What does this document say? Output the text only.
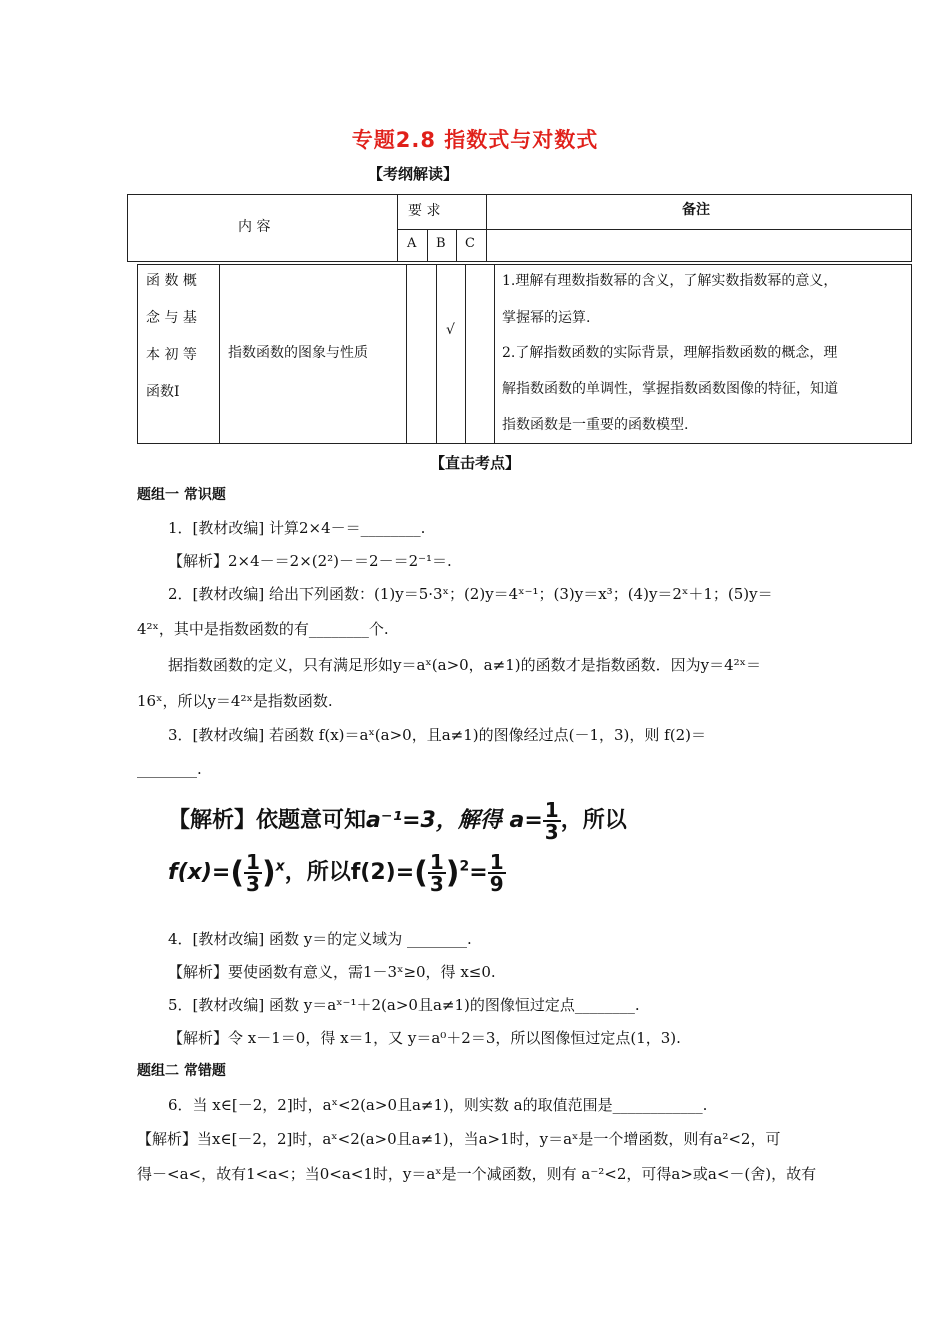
专题2.8 指数式与对数式
【考纲解读】
内 容
要 求	备注
A B C
函 数 概
念 与 基
本 初 等
函数Ⅰ
指数函数的图象与性质
√
1.理解有理数指数幂的含义，了解实数指数幂的意义，
掌握幂的运算.
2.了解指数函数的实际背景，理解指数函数的概念，理
解指数函数的单调性，掌握指数函数图像的特征，知道
指数函数是一重要的函数模型.
【直击考点】
题组一 常识题
1．[教材改编] 计算2×4－＝________.
【解析】2×4－＝2×(2²)－＝2－＝2⁻¹＝.
2．[教材改编] 给出下列函数：(1)y＝5·3ˣ；(2)y＝4ˣ⁻¹；(3)y＝x³；(4)y＝2ˣ＋1；(5)y＝
4²ˣ，其中是指数函数的有________个.
据指数函数的定义，只有满足形如y＝aˣ(a>0，a≠1)的函数才是指数函数．因为y＝4²ˣ＝
16ˣ，所以y＝4²ˣ是指数函数.
3．[教材改编] 若函数 f(x)＝aˣ(a>0，且a≠1)的图像经过点(－1，3)，则 f(2)＝
________.
【解析】依题意可知a⁻¹=3，解得 $a= \frac{1}{3}$ ，所以
$f(x)=( \frac{1}{3} )^x$，所以$f(2)=( \frac{1}{3} )^2= \frac{1}{9}$
4．[教材改编] 函数 y＝的定义域为 ________.
【解析】要使函数有意义，需1－3ˣ≥0，得 x≤0.
5．[教材改编] 函数 y＝aˣ⁻¹＋2(a>0且a≠1)的图像恒过定点________.
【解析】令 x－1＝0，得 x＝1，又 y＝a⁰＋2＝3，所以图像恒过定点(1，3).
题组二 常错题
6．当 x∈[－2，2]时，aˣ<2(a>0且a≠1)，则实数 a的取值范围是____________.
【解析】当x∈[－2，2]时，aˣ<2(a>0且a≠1)，当a>1时，y＝aˣ是一个增函数，则有a²<2，可
得－<a<，故有1<a<；当0<a<1时，y＝aˣ是一个减函数，则有 a⁻²<2，可得a>或a<－(舍)，故有
